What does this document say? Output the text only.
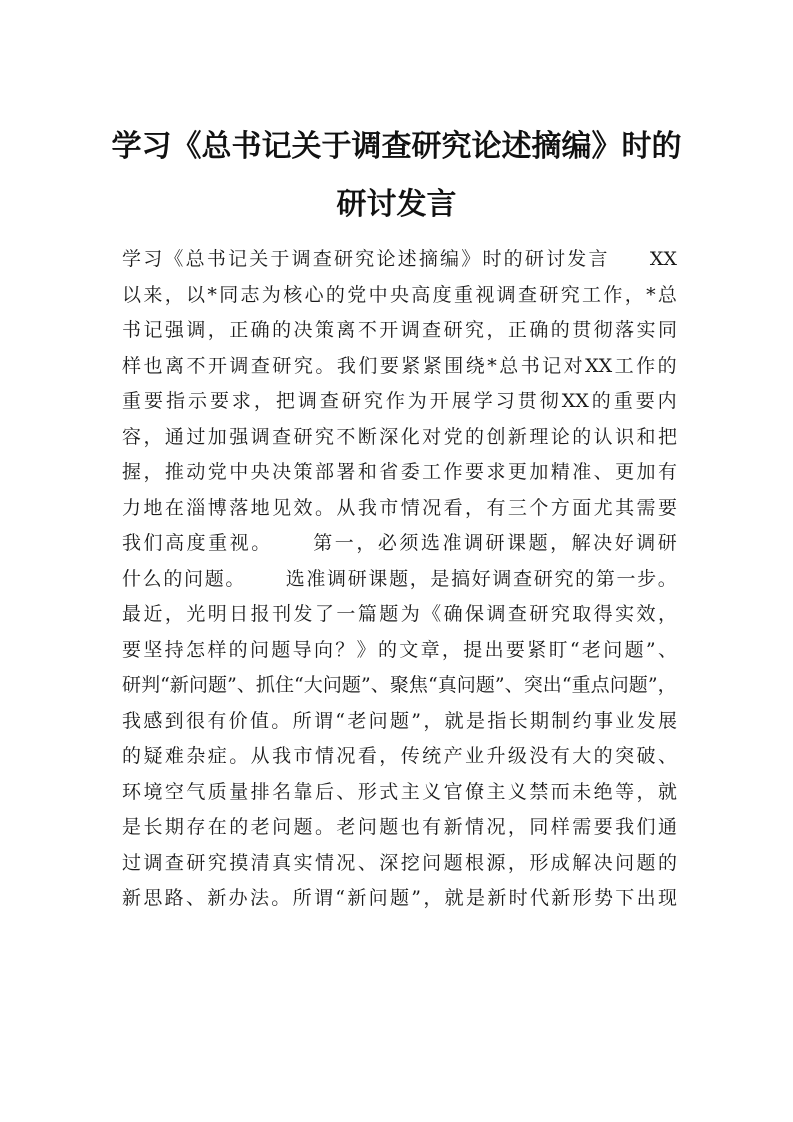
学习《总书记关于调查研究论述摘编》时的
研讨发言
学 习 《 总 书 记 关 于 调 查 研 究 论 述 摘 编 》 时 的 研 讨 发 言
　　 XX
以 来 ， 以 * 同 志 为 核 心 的 党 中 央 高 度 重 视 调 查 研 究 工 作 ， * 总
书 记 强 调 ， 正 确 的 决 策 离 不 开 调 查 研 究 ， 正 确 的 贯 彻 落 实 同
样 也 离 不 开 调 查 研 究 。 我 们 要 紧 紧 围 绕 * 总 书 记 对 XX 工 作 的
重 要 指 示 要 求 ， 把 调 查 研 究 作 为 开 展 学 习 贯 彻 XX 的 重 要 内
容 ， 通 过 加 强 调 查 研 究 不 断 深 化 对 党 的 创 新 理 论 的 认 识 和 把
握 ， 推 动 党 中 央 决 策 部 署 和 省 委 工 作 要 求 更 加 精 准 、 更 加 有
力 地 在 淄 博 落 地 见 效 。 从 我 市 情 况 看 ， 有 三 个 方 面 尤 其 需 要
我 们 高 度 重 视 。
　　 第 一 ， 必 须 选 准 调 研 课 题 ， 解 决 好 调 研
什 么 的 问 题 。
　　 选 准 调 研 课 题 ， 是 搞 好 调 查 研 究 的 第 一 步 。
最 近 ， 光 明 日 报 刊 发 了 一 篇 题 为 《 确 保 调 查 研 究 取 得 实 效 ，
要 坚 持 怎 样 的 问 题 导 向 ？ 》 的 文 章 ， 提 出 要 紧 盯 “ 老 问 题 ” 、
研 判 “ 新 问 题 ” 、 抓 住 “ 大 问 题 ” 、 聚 焦 “ 真 问 题 ” 、 突 出 “ 重 点 问 题 ” ，
我 感 到 很 有 价 值 。 所 谓 “ 老 问 题 ” ， 就 是 指 长 期 制 约 事 业 发 展
的 疑 难 杂 症 。 从 我 市 情 况 看 ， 传 统 产 业 升 级 没 有 大 的 突 破 、
环 境 空 气 质 量 排 名 靠 后 、 形 式 主 义 官 僚 主 义 禁 而 未 绝 等 ， 就
是 长 期 存 在 的 老 问 题 。 老 问 题 也 有 新 情 况 ， 同 样 需 要 我 们 通
过 调 查 研 究 摸 清 真 实 情 况 、 深 挖 问 题 根 源 ， 形 成 解 决 问 题 的
新 思 路 、 新 办 法 。 所 谓 “ 新 问 题 ” ， 就 是 新 时 代 新 形 势 下 出 现
